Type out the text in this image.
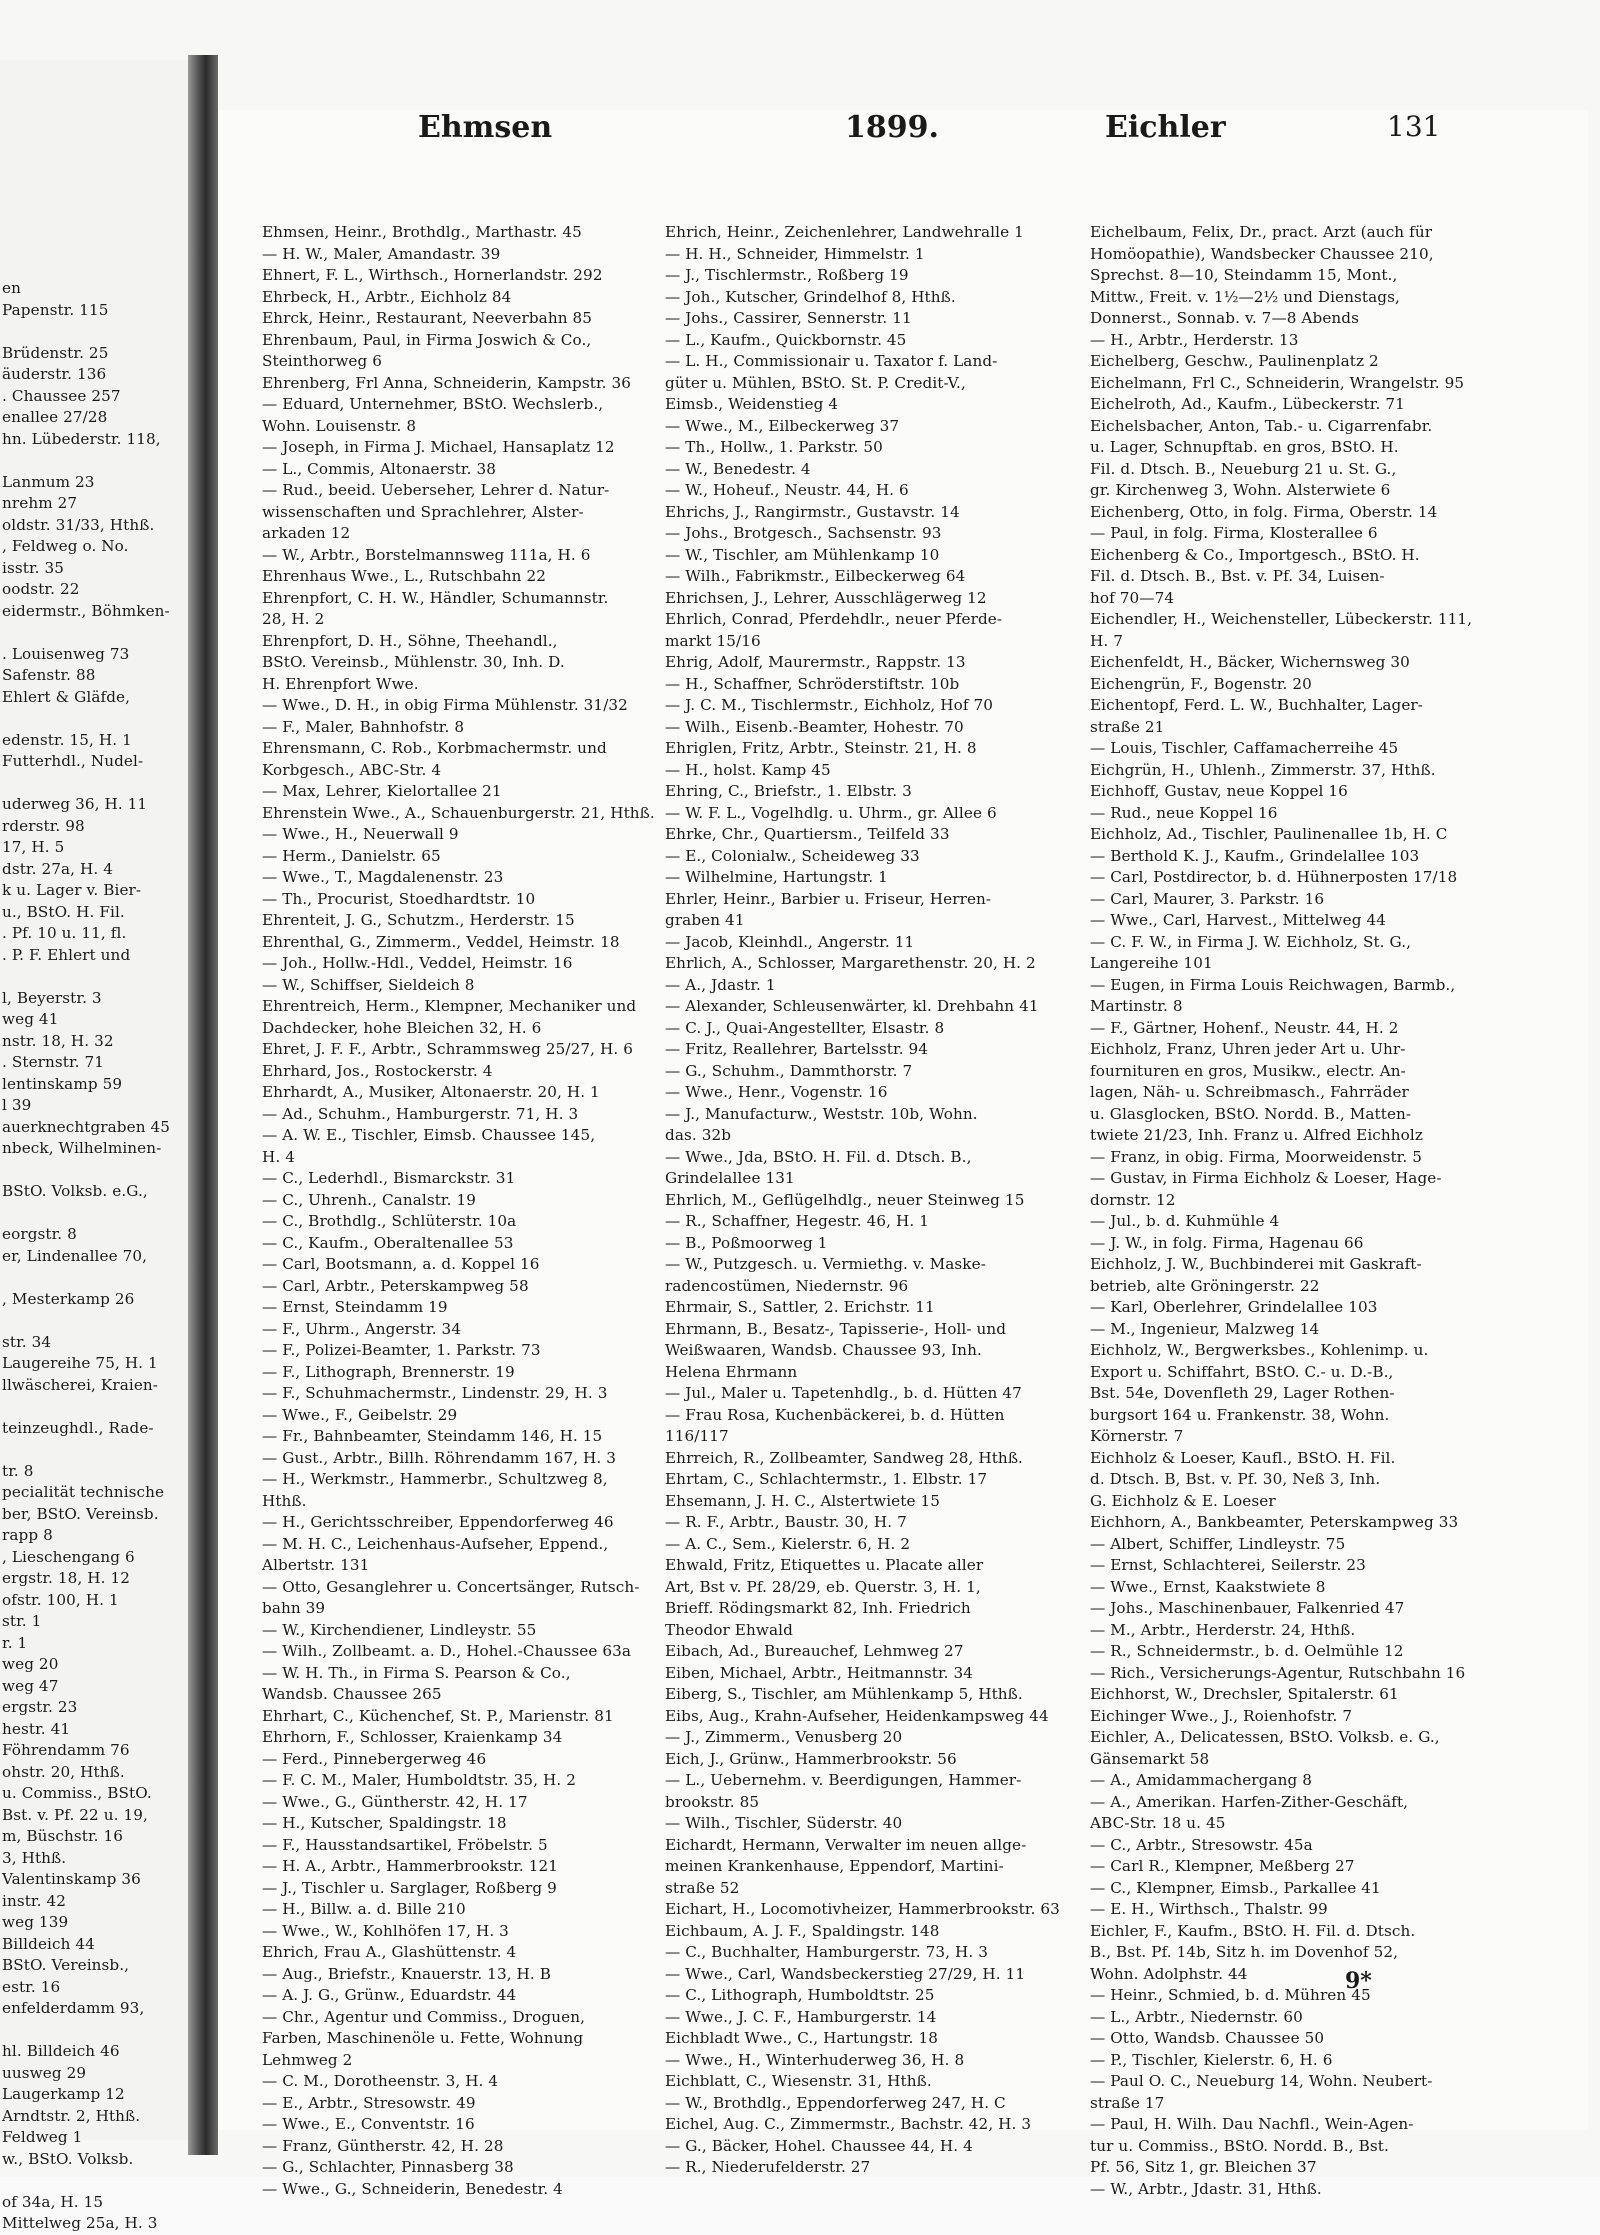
en
Papenstr. 115

Brüdenstr. 25
äuderstr. 136
. Chaussee 257
enallee 27/28
hn. Lübederstr. 118,

Lanmum 23
nrehm 27
oldstr. 31/33, Hthß.
, Feldweg o. No.
isstr. 35
oodstr. 22
eidermstr., Böhmken-

. Louisenweg 73
Safenstr. 88
Ehlert & Gläfde,

edenstr. 15, H. 1
Futterhdl., Nudel-

uderweg 36, H. 11
rderstr. 98
17, H. 5
dstr. 27a, H. 4
k u. Lager v. Bier-
u., BStO. H. Fil.
. Pf. 10 u. 11, fl.
. P. F. Ehlert und

l, Beyerstr. 3
weg 41
nstr. 18, H. 32
. Sternstr. 71
lentinskamp 59
l 39
auerknechtgraben 45
nbeck, Wilhelminen-

BStO. Volksb. e.G.,

eorgstr. 8
er, Lindenallee 70,

, Mesterkamp 26

str. 34
Laugereihe 75, H. 1
llwäscherei, Kraien-

teinzeughdl., Rade-

tr. 8
pecialität technische
ber, BStO. Vereinsb.
rapp 8
, Lieschengang 6
ergstr. 18, H. 12
ofstr. 100, H. 1
str. 1
r. 1
weg 20
weg 47
ergstr. 23
hestr. 41
Föhrendamm 76
ohstr. 20, Hthß.
u. Commiss., BStO.
Bst. v. Pf. 22 u. 19,
m, Büschstr. 16
3, Hthß.
Valentinskamp 36
instr. 42
weg 139
Billdeich 44
BStO. Vereinsb.,
estr. 16
enfelderdamm 93,

hl. Billdeich 46
uusweg 29
Laugerkamp 12
Arndtstr. 2, Hthß.
Feldweg 1
w., BStO. Volksb.

of 34a, H. 15
Mittelweg 25a, H. 3
Ehmsen	1899.	Eichler	131
Ehmsen, Heinr., Brothdlg., Marthastr. 45
— H. W., Maler, Amandastr. 39
Ehnert, F. L., Wirthsch., Hornerlandstr. 292
Ehrbeck, H., Arbtr., Eichholz 84
Ehrck, Heinr., Restaurant, Neeverbahn 85
Ehrenbaum, Paul, in Firma Joswich & Co.,
Steinthorweg 6
Ehrenberg, Frl Anna, Schneiderin, Kampstr. 36
— Eduard, Unternehmer, BStO. Wechslerb.,
Wohn. Louisenstr. 8
— Joseph, in Firma J. Michael, Hansaplatz 12
— L., Commis, Altonaerstr. 38
— Rud., beeid. Ueberseher, Lehrer d. Natur-
wissenschaften und Sprachlehrer, Alster-
arkaden 12
— W., Arbtr., Borstelmannsweg 111a, H. 6
Ehrenhaus Wwe., L., Rutschbahn 22
Ehrenpfort, C. H. W., Händler, Schumannstr.
28, H. 2
Ehrenpfort, D. H., Söhne, Theehandl.,
BStO. Vereinsb., Mühlenstr. 30, Inh. D.
H. Ehrenpfort Wwe.
— Wwe., D. H., in obig Firma Mühlenstr. 31/32
— F., Maler, Bahnhofstr. 8
Ehrensmann, C. Rob., Korbmachermstr. und
Korbgesch., ABC-Str. 4
— Max, Lehrer, Kielortallee 21
Ehrenstein Wwe., A., Schauenburgerstr. 21, Hthß.
— Wwe., H., Neuerwall 9
— Herm., Danielstr. 65
— Wwe., T., Magdalenenstr. 23
— Th., Procurist, Stoedhardtstr. 10
Ehrenteit, J. G., Schutzm., Herderstr. 15
Ehrenthal, G., Zimmerm., Veddel, Heimstr. 18
— Joh., Hollw.-Hdl., Veddel, Heimstr. 16
— W., Schiffser, Sieldeich 8
Ehrentreich, Herm., Klempner, Mechaniker und
Dachdecker, hohe Bleichen 32, H. 6
Ehret, J. F. F., Arbtr., Schrammsweg 25/27, H. 6
Ehrhard, Jos., Rostockerstr. 4
Ehrhardt, A., Musiker, Altonaerstr. 20, H. 1
— Ad., Schuhm., Hamburgerstr. 71, H. 3
— A. W. E., Tischler, Eimsb. Chaussee 145,
H. 4
— C., Lederhdl., Bismarckstr. 31
— C., Uhrenh., Canalstr. 19
— C., Brothdlg., Schlüterstr. 10a
— C., Kaufm., Oberaltenallee 53
— Carl, Bootsmann, a. d. Koppel 16
— Carl, Arbtr., Peterskampweg 58
— Ernst, Steindamm 19
— F., Uhrm., Angerstr. 34
— F., Polizei-Beamter, 1. Parkstr. 73
— F., Lithograph, Brennerstr. 19
— F., Schuhmachermstr., Lindenstr. 29, H. 3
— Wwe., F., Geibelstr. 29
— Fr., Bahnbeamter, Steindamm 146, H. 15
— Gust., Arbtr., Billh. Röhrendamm 167, H. 3
— H., Werkmstr., Hammerbr., Schultzweg 8,
Hthß.
— H., Gerichtsschreiber, Eppendorferweg 46
— M. H. C., Leichenhaus-Aufseher, Eppend.,
Albertstr. 131
— Otto, Gesanglehrer u. Concertsänger, Rutsch-
bahn 39
— W., Kirchendiener, Lindleystr. 55
— Wilh., Zollbeamt. a. D., Hohel.-Chaussee 63a
— W. H. Th., in Firma S. Pearson & Co.,
Wandsb. Chaussee 265
Ehrhart, C., Küchenchef, St. P., Marienstr. 81
Ehrhorn, F., Schlosser, Kraienkamp 34
— Ferd., Pinnebergerweg 46
— F. C. M., Maler, Humboldtstr. 35, H. 2
— Wwe., G., Güntherstr. 42, H. 17
— H., Kutscher, Spaldingstr. 18
— F., Hausstandsartikel, Fröbelstr. 5
— H. A., Arbtr., Hammerbrookstr. 121
— J., Tischler u. Sarglager, Roßberg 9
— H., Billw. a. d. Bille 210
— Wwe., W., Kohlhöfen 17, H. 3
Ehrich, Frau A., Glashüttenstr. 4
— Aug., Briefstr., Knauerstr. 13, H. B
— A. J. G., Grünw., Eduardstr. 44
— Chr., Agentur und Commiss., Droguen,
Farben, Maschinenöle u. Fette, Wohnung
Lehmweg 2
— C. M., Dorotheenstr. 3, H. 4
— E., Arbtr., Stresowstr. 49
— Wwe., E., Conventstr. 16
— Franz, Güntherstr. 42, H. 28
— G., Schlachter, Pinnasberg 38
— Wwe., G., Schneiderin, Benedestr. 4
Ehrich, Heinr., Zeichenlehrer, Landwehralle 1
— H. H., Schneider, Himmelstr. 1
— J., Tischlermstr., Roßberg 19
— Joh., Kutscher, Grindelhof 8, Hthß.
— Johs., Cassirer, Sennerstr. 11
— L., Kaufm., Quickbornstr. 45
— L. H., Commissionair u. Taxator f. Land-
güter u. Mühlen, BStO. St. P. Credit-V.,
Eimsb., Weidenstieg 4
— Wwe., M., Eilbeckerweg 37
— Th., Hollw., 1. Parkstr. 50
— W., Benedestr. 4
— W., Hoheuf., Neustr. 44, H. 6
Ehrichs, J., Rangirmstr., Gustavstr. 14
— Johs., Brotgesch., Sachsenstr. 93
— W., Tischler, am Mühlenkamp 10
— Wilh., Fabrikmstr., Eilbeckerweg 64
Ehrichsen, J., Lehrer, Ausschlägerweg 12
Ehrlich, Conrad, Pferdehdlr., neuer Pferde-
markt 15/16
Ehrig, Adolf, Maurermstr., Rappstr. 13
— H., Schaffner, Schröderstiftstr. 10b
— J. C. M., Tischlermstr., Eichholz, Hof 70
— Wilh., Eisenb.-Beamter, Hohestr. 70
Ehriglen, Fritz, Arbtr., Steinstr. 21, H. 8
— H., holst. Kamp 45
Ehring, C., Briefstr., 1. Elbstr. 3
— W. F. L., Vogelhdlg. u. Uhrm., gr. Allee 6
Ehrke, Chr., Quartiersm., Teilfeld 33
— E., Colonialw., Scheideweg 33
— Wilhelmine, Hartungstr. 1
Ehrler, Heinr., Barbier u. Friseur, Herren-
graben 41
— Jacob, Kleinhdl., Angerstr. 11
Ehrlich, A., Schlosser, Margarethenstr. 20, H. 2
— A., Jdastr. 1
— Alexander, Schleusenwärter, kl. Drehbahn 41
— C. J., Quai-Angestellter, Elsastr. 8
— Fritz, Reallehrer, Bartelsstr. 94
— G., Schuhm., Dammthorstr. 7
— Wwe., Henr., Vogenstr. 16
— J., Manufacturw., Weststr. 10b, Wohn.
das. 32b
— Wwe., Jda, BStO. H. Fil. d. Dtsch. B.,
Grindelallee 131
Ehrlich, M., Geflügelhdlg., neuer Steinweg 15
— R., Schaffner, Hegestr. 46, H. 1
— B., Poßmoorweg 1
— W., Putzgesch. u. Vermiethg. v. Maske-
radencostümen, Niedernstr. 96
Ehrmair, S., Sattler, 2. Erichstr. 11
Ehrmann, B., Besatz-, Tapisserie-, Holl- und
Weißwaaren, Wandsb. Chaussee 93, Inh.
Helena Ehrmann
— Jul., Maler u. Tapetenhdlg., b. d. Hütten 47
— Frau Rosa, Kuchenbäckerei, b. d. Hütten
116/117
Ehrreich, R., Zollbeamter, Sandweg 28, Hthß.
Ehrtam, C., Schlachtermstr., 1. Elbstr. 17
Ehsemann, J. H. C., Alstertwiete 15
— R. F., Arbtr., Baustr. 30, H. 7
— A. C., Sem., Kielerstr. 6, H. 2
Ehwald, Fritz, Etiquettes u. Placate aller
Art, Bst v. Pf. 28/29, eb. Querstr. 3, H. 1,
Brieff. Rödingsmarkt 82, Inh. Friedrich
Theodor Ehwald
Eibach, Ad., Bureauchef, Lehmweg 27
Eiben, Michael, Arbtr., Heitmannstr. 34
Eiberg, S., Tischler, am Mühlenkamp 5, Hthß.
Eibs, Aug., Krahn-Aufseher, Heidenkampsweg 44
— J., Zimmerm., Venusberg 20
Eich, J., Grünw., Hammerbrookstr. 56
— L., Uebernehm. v. Beerdigungen, Hammer-
brookstr. 85
— Wilh., Tischler, Süderstr. 40
Eichardt, Hermann, Verwalter im neuen allge-
meinen Krankenhause, Eppendorf, Martini-
straße 52
Eichart, H., Locomotivheizer, Hammerbrookstr. 63
Eichbaum, A. J. F., Spaldingstr. 148
— C., Buchhalter, Hamburgerstr. 73, H. 3
— Wwe., Carl, Wandsbeckerstieg 27/29, H. 11
— C., Lithograph, Humboldtstr. 25
— Wwe., J. C. F., Hamburgerstr. 14
Eichbladt Wwe., C., Hartungstr. 18
— Wwe., H., Winterhuderweg 36, H. 8
Eichblatt, C., Wiesenstr. 31, Hthß.
— W., Brothdlg., Eppendorferweg 247, H. C
Eichel, Aug. C., Zimmermstr., Bachstr. 42, H. 3
— G., Bäcker, Hohel. Chaussee 44, H. 4
— R., Niederufelderstr. 27
Eichelbaum, Felix, Dr., pract. Arzt (auch für
Homöopathie), Wandsbecker Chaussee 210,
Sprechst. 8—10, Steindamm 15, Mont.,
Mittw., Freit. v. 1½—2½ und Dienstags,
Donnerst., Sonnab. v. 7—8 Abends
— H., Arbtr., Herderstr. 13
Eichelberg, Geschw., Paulinenplatz 2
Eichelmann, Frl C., Schneiderin, Wrangelstr. 95
Eichelroth, Ad., Kaufm., Lübeckerstr. 71
Eichelsbacher, Anton, Tab.- u. Cigarrenfabr.
u. Lager, Schnupftab. en gros, BStO. H.
Fil. d. Dtsch. B., Neueburg 21 u. St. G.,
gr. Kirchenweg 3, Wohn. Alsterwiete 6
Eichenberg, Otto, in folg. Firma, Oberstr. 14
— Paul, in folg. Firma, Klosterallee 6
Eichenberg & Co., Importgesch., BStO. H.
Fil. d. Dtsch. B., Bst. v. Pf. 34, Luisen-
hof 70—74
Eichendler, H., Weichensteller, Lübeckerstr. 111,
H. 7
Eichenfeldt, H., Bäcker, Wichernsweg 30
Eichengrün, F., Bogenstr. 20
Eichentopf, Ferd. L. W., Buchhalter, Lager-
straße 21
— Louis, Tischler, Caffamacherreihe 45
Eichgrün, H., Uhlenh., Zimmerstr. 37, Hthß.
Eichhoff, Gustav, neue Koppel 16
— Rud., neue Koppel 16
Eichholz, Ad., Tischler, Paulinenallee 1b, H. C
— Berthold K. J., Kaufm., Grindelallee 103
— Carl, Postdirector, b. d. Hühnerposten 17/18
— Carl, Maurer, 3. Parkstr. 16
— Wwe., Carl, Harvest., Mittelweg 44
— C. F. W., in Firma J. W. Eichholz, St. G.,
Langereihe 101
— Eugen, in Firma Louis Reichwagen, Barmb.,
Martinstr. 8
— F., Gärtner, Hohenf., Neustr. 44, H. 2
Eichholz, Franz, Uhren jeder Art u. Uhr-
fournituren en gros, Musikw., electr. An-
lagen, Näh- u. Schreibmasch., Fahrräder
u. Glasglocken, BStO. Nordd. B., Matten-
twiete 21/23, Inh. Franz u. Alfred Eichholz
— Franz, in obig. Firma, Moorweidenstr. 5
— Gustav, in Firma Eichholz & Loeser, Hage-
dornstr. 12
— Jul., b. d. Kuhmühle 4
— J. W., in folg. Firma, Hagenau 66
Eichholz, J. W., Buchbinderei mit Gaskraft-
betrieb, alte Gröningerstr. 22
— Karl, Oberlehrer, Grindelallee 103
— M., Ingenieur, Malzweg 14
Eichholz, W., Bergwerksbes., Kohlenimp. u.
Export u. Schiffahrt, BStO. C.- u. D.-B.,
Bst. 54e, Dovenfleth 29, Lager Rothen-
burgsort 164 u. Frankenstr. 38, Wohn.
Körnerstr. 7
Eichholz & Loeser, Kaufl., BStO. H. Fil.
d. Dtsch. B, Bst. v. Pf. 30, Neß 3, Inh.
G. Eichholz & E. Loeser
Eichhorn, A., Bankbeamter, Peterskampweg 33
— Albert, Schiffer, Lindleystr. 75
— Ernst, Schlachterei, Seilerstr. 23
— Wwe., Ernst, Kaakstwiete 8
— Johs., Maschinenbauer, Falkenried 47
— M., Arbtr., Herderstr. 24, Hthß.
— R., Schneidermstr., b. d. Oelmühle 12
— Rich., Versicherungs-Agentur, Rutschbahn 16
Eichhorst, W., Drechsler, Spitalerstr. 61
Eichinger Wwe., J., Roienhofstr. 7
Eichler, A., Delicatessen, BStO. Volksb. e. G.,
Gänsemarkt 58
— A., Amidammachergang 8
— A., Amerikan. Harfen-Zither-Geschäft,
ABC-Str. 18 u. 45
— C., Arbtr., Stresowstr. 45a
— Carl R., Klempner, Meßberg 27
— C., Klempner, Eimsb., Parkallee 41
— E. H., Wirthsch., Thalstr. 99
Eichler, F., Kaufm., BStO. H. Fil. d. Dtsch.
B., Bst. Pf. 14b, Sitz h. im Dovenhof 52,
Wohn. Adolphstr. 44
— Heinr., Schmied, b. d. Mühren 45
— L., Arbtr., Niedernstr. 60
— Otto, Wandsb. Chaussee 50
— P., Tischler, Kielerstr. 6, H. 6
— Paul O. C., Neueburg 14, Wohn. Neubert-
straße 17
— Paul, H. Wilh. Dau Nachfl., Wein-Agen-
tur u. Commiss., BStO. Nordd. B., Bst.
Pf. 56, Sitz 1, gr. Bleichen 37
— W., Arbtr., Jdastr. 31, Hthß.
9*
